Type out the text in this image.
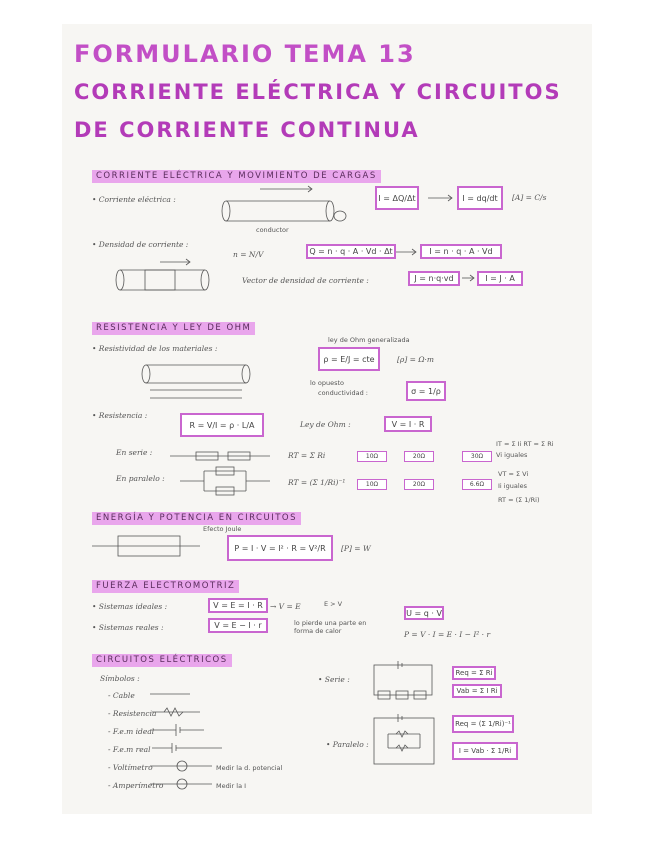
FORMULARIO TEMA 13
CORRIENTE ELÉCTRICA Y CIRCUITOS
DE CORRIENTE CONTINUA
CORRIENTE ELÉCTRICA Y MOVIMIENTO DE CARGAS
• Corriente eléctrica :	I = ΔQ/Δt	I = dq/dt	[A] = C/s
conductor
• Densidad de corriente :
n = N/V	Q = n · q · A · Vd · Δt	I = n · q · A · Vd
Vector de densidad de corriente :	J = n·q·vd	I = J · A
RESISTENCIA Y LEY DE OHM
• Resistividad de los materiales :
ley de Ohm generalizada
ρ = E/J = cte	[ρ] = Ω·m
lo opuesto
conductividad :	σ = 1/ρ
• Resistencia :
R = V/I = ρ · L/A	Ley de Ohm :	V = I · R
En serie :	RT = Σ Ri	10Ω	20Ω	30Ω
IT = Σ Ii RT = Σ Ri
Vi iguales
En paralelo :	RT = (Σ 1/Ri)⁻¹	10Ω	20Ω	6.6Ω
VT = Σ Vi
Ii iguales
RT = (Σ 1/Ri)
ENERGÍA Y POTENCIA EN CIRCUITOS
Efecto Joule
P = I · V = I² · R = V²/R	[P] = W
FUERZA ELECTROMOTRIZ
• Sistemas ideales :	V = E = I · R → V = E	E > V
• Sistemas reales :	V = E − I · r	lo pierde una parte en forma de calor
U = q · V
P = V · I = E · I − I² · r
CIRCUITOS ELÉCTRICOS
Símbolos :
- Cable
- Resistencia
- F.e.m ideal
- F.e.m real
- Voltímetro	Medir la d. potencial
- Amperímetro	Medir la I
• Serie :
Req = Σ Ri
Vab = Σ I Ri
• Paralelo :
Req = (Σ 1/Ri)⁻¹
I = Vab · Σ 1/Ri
